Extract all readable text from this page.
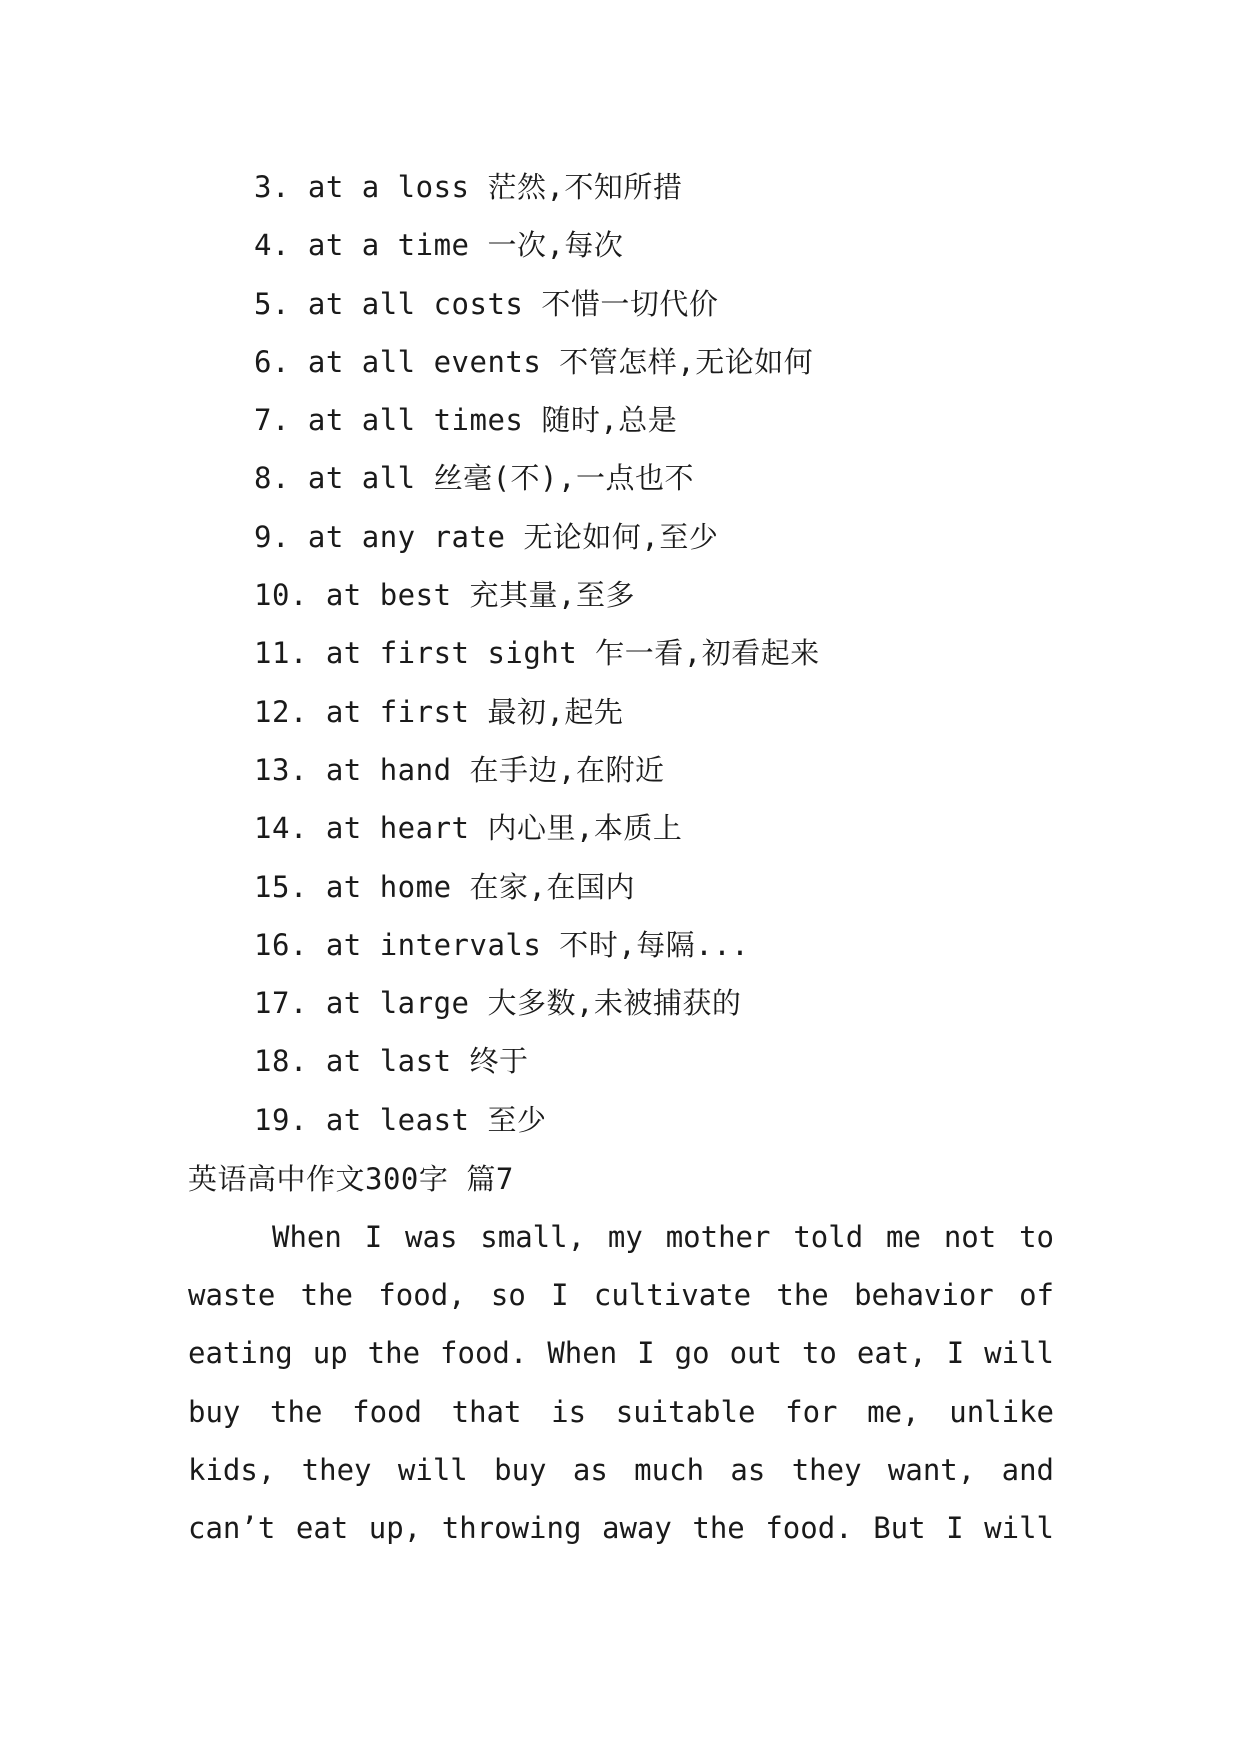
3. at a loss 茫然,不知所措
4. at a time 一次,每次
5. at all costs 不惜一切代价
6. at all events 不管怎样,无论如何
7. at all times 随时,总是
8. at all 丝毫(不),一点也不
9. at any rate 无论如何,至少
10. at best 充其量,至多
11. at first sight 乍一看,初看起来
12. at first 最初,起先
13. at hand 在手边,在附近
14. at heart 内心里,本质上
15. at home 在家,在国内
16. at intervals 不时,每隔...
17. at large 大多数,未被捕获的
18. at last 终于
19. at least 至少
英语高中作文300字 篇7
When I was small, my mother told me not to
waste the food, so I cultivate the behavior of
eating up the food. When I go out to eat, I will
buy the food that is suitable for me, unlike
kids, they will buy as much as they want, and
can’t eat up, throwing away the food. But I will
